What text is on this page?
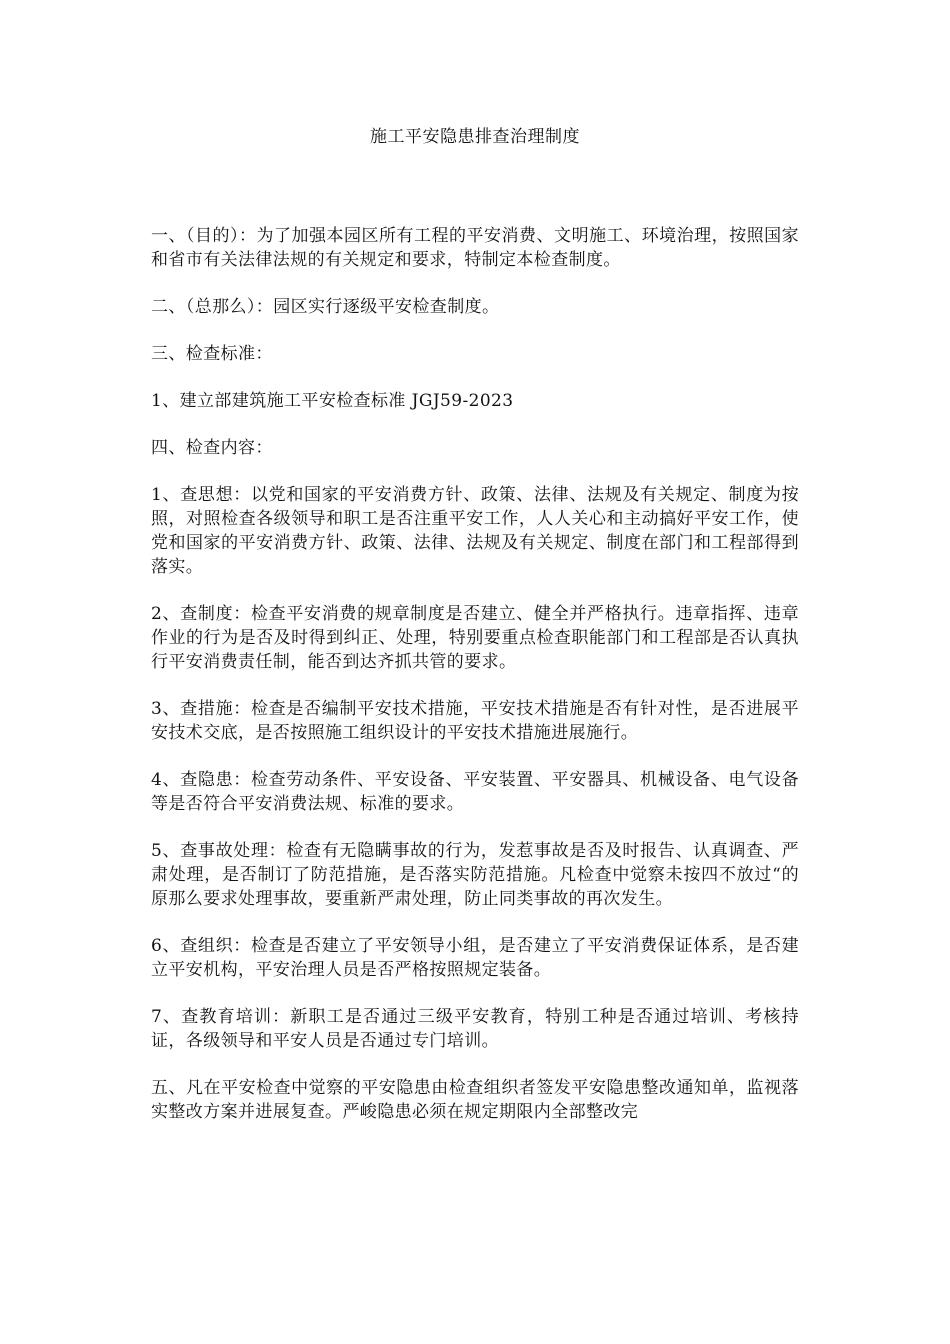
施工平安隐患排查治理制度

一、（目的）：为了加强本园区所有工程的平安消费、文明施工、环境治理，按照国家和省市有关法律法规的有关规定和要求，特制定本检查制度。

二、（总那么）：园区实行逐级平安检查制度。

三、检查标准：

1、建立部建筑施工平安检查标准 JGJ59-2023

四、检查内容：

1、查思想：以党和国家的平安消费方针、政策、法律、法规及有关规定、制度为按照，对照检查各级领导和职工是否注重平安工作，人人关心和主动搞好平安工作，使党和国家的平安消费方针、政策、法律、法规及有关规定、制度在部门和工程部得到落实。

2、查制度：检查平安消费的规章制度是否建立、健全并严格执行。违章指挥、违章作业的行为是否及时得到纠正、处理，特别要重点检查职能部门和工程部是否认真执行平安消费责任制，能否到达齐抓共管的要求。

3、查措施：检查是否编制平安技术措施，平安技术措施是否有针对性，是否进展平安技术交底，是否按照施工组织设计的平安技术措施进展施行。

4、查隐患：检查劳动条件、平安设备、平安装置、平安器具、机械设备、电气设备等是否符合平安消费法规、标准的要求。

5、查事故处理：检查有无隐瞒事故的行为，发惹事故是否及时报告、认真调查、严肃处理，是否制订了防范措施，是否落实防范措施。凡检查中觉察未按四不放过“的原那么要求处理事故，要重新严肃处理，防止同类事故的再次发生。

6、查组织：检查是否建立了平安领导小组，是否建立了平安消费保证体系，是否建立平安机构，平安治理人员是否严格按照规定装备。

7、查教育培训：新职工是否通过三级平安教育，特别工种是否通过培训、考核持证，各级领导和平安人员是否通过专门培训。

五、凡在平安检查中觉察的平安隐患由检查组织者签发平安隐患整改通知单，监视落实整改方案并进展复查。严峻隐患必须在规定期限内全部整改完
